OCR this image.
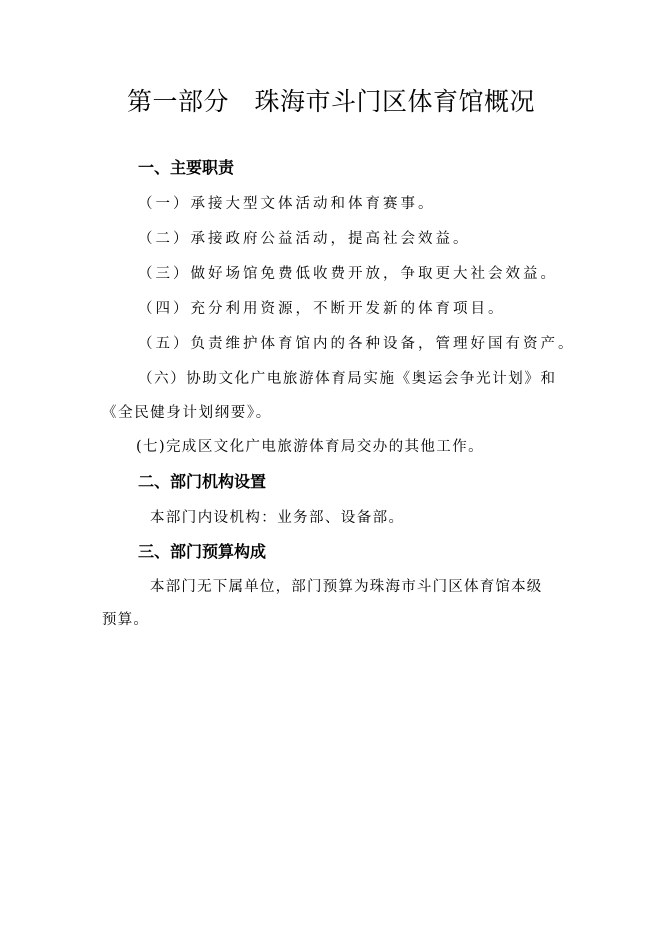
第一部分　珠海市斗门区体育馆概况
一、主要职责
（一）承接大型文体活动和体育赛事。
（二）承接政府公益活动，提高社会效益。
（三）做好场馆免费低收费开放，争取更大社会效益。
（四）充分利用资源，不断开发新的体育项目。
（五）负责维护体育馆内的各种设备，管理好国有资产。
（六）协助文化广电旅游体育局实施《奥运会争光计划》和
《全民健身计划纲要》。
(七)完成区文化广电旅游体育局交办的其他工作。
二、部门机构设置
本部门内设机构：业务部、设备部。
三、部门预算构成
本部门无下属单位，部门预算为珠海市斗门区体育馆本级
预算。
